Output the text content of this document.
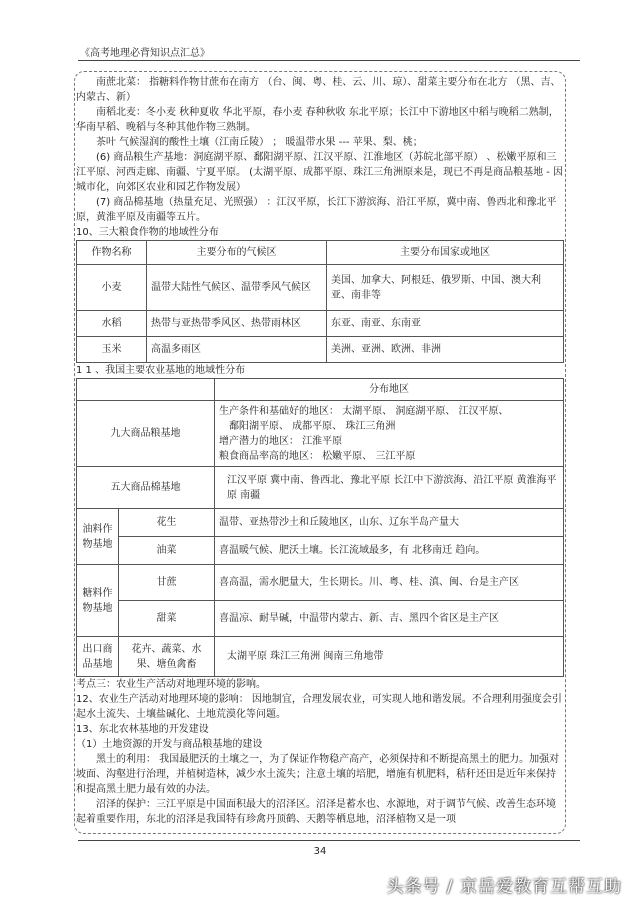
《高考地理必背知识点汇总》

南蔗北菜： 指糖料作物甘蔗布在南方 （台、闽、粤、桂、云、川、琼）、甜菜主要分布在北方 （黑、吉、内蒙古、新）

南稻北麦：冬小麦 秋种夏收 华北平原，春小麦 春种秋收 东北平原；长江中下游地区中稻与晚稻二熟制，华南早稻、晚稻与冬种其他作物三熟制。

茶叶 气候湿润的酸性土壤（江南丘陵） ； 暖温带水果 --- 苹果、梨、桃；

(6) 商品粮生产基地：洞庭湖平原、鄱阳湖平原、江汉平原、江淮地区（苏皖北部平原） 、松嫩平原和三江平原、河西走廊、南疆、宁夏平原。 (太湖平原、成都平原、珠江三角洲原来是，现已不再是商品粮基地 - 因城市化，向郊区农业和园艺作物发展）

(7) 商品棉基地（热量充足、光照强） ：江汉平原，长江下游滨海、沿江平原，冀中南、鲁西北和豫北平原，黄淮平原及南疆等五片。

10、三大粮食作物的地域性分布

作物名称	主要分布的气候区	主要分布国家或地区
小麦	温带大陆性气候区、温带季风气候区	美国、加拿大、阿根廷、俄罗斯、中国、澳大利亚、南非等
水稻	热带与亚热带季风区、热带雨林区	东亚、南亚、东南亚
玉米	高温多雨区	美洲、亚洲、欧洲、非洲

1 1 、我国主要农业基地的地域性分布

		分布地区
九大商品粮基地		生产条件和基础好的地区： 太湖平原、 洞庭湖平原、 江汉平原、
鄱阳湖平原、 成都平原、 珠江三角洲
增产潜力的地区： 江淮平原
粮食商品率高的地区： 松嫩平原、 三江平原

五大商品棉基地		江汉平原 冀中南、鲁西北、豫北平原 长江中下游滨海、沿江平原 黄淮海平原 南疆
油料作物基地	花生	温带、亚热带沙土和丘陵地区，山东、辽东半岛产量大
	油菜	喜温暖气候、肥沃土壤。长江流域最多，有 北移南迁 趋向。
糖料作物基地	甘蔗	喜高温，需水肥量大，生长期长。川、粤、桂、滇、闽、台是主产区
	甜菜	喜温凉、耐旱碱，中温带内蒙古、新、吉、黑四个省区是主产区
出口商品基地	花卉、蔬菜、水果、塘鱼禽畜	太湖平原 珠江三角洲 闽南三角地带

考点三：农业生产活动对地理环境的影响。

12、农业生产活动对地理环境的影响： 因地制宜，合理发展农业，可实现人地和谐发展。不合理利用强度会引起水土流失、土壤盐碱化、土地荒漠化等问题。

13、东北农林基地的开发建设

（1）土地资源的开发与商品粮基地的建设

黑土的利用： 我国最肥沃的土壤之一，为了保证作物稳产高产，必须保持和不断提高黑土的肥力。加强对坡面、沟壑进行治理，并植树造林，减少水土流失；注意土壤的培肥，增施有机肥料，秸秆还田是近年来保持和提高黑土肥力最有效的办法。

沼泽的保护：三江平原是中国面积最大的沼泽区。沼泽是蓄水也、水源地，对于调节气候、改善生态环境起着重要作用，东北的沼泽是我国特有珍禽丹顶鹤、天鹅等栖息地，沼泽植物又是一项

34
头条号 / 京岳爱教育互帮互助
